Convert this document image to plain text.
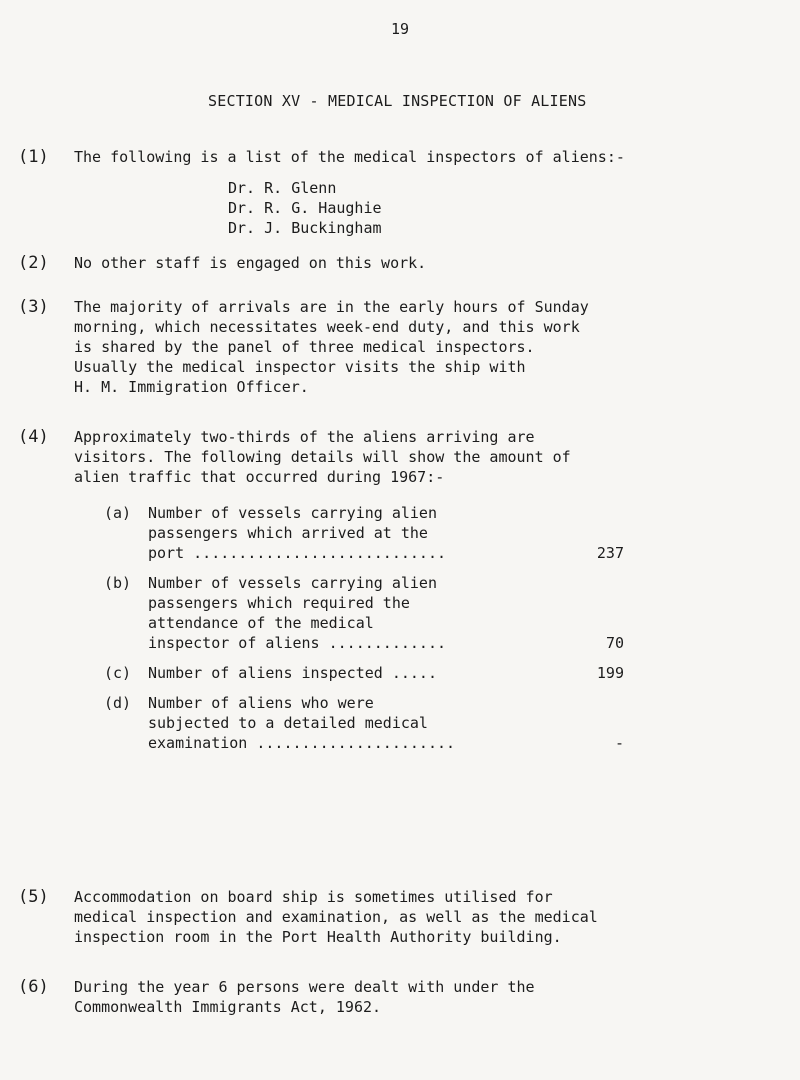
19
SECTION XV - MEDICAL INSPECTION OF ALIENS
(1)	The following is a list of the medical inspectors of aliens:-
Dr. R. Glenn
Dr. R. G. Haughie
Dr. J. Buckingham
(2)	No other staff is engaged on this work.
(3)	The majority of arrivals are in the early hours of Sunday
morning, which necessitates week-end duty, and this work
is shared by the panel of three medical inspectors.
Usually the medical inspector visits the ship with
H. M. Immigration Officer.
(4)	Approximately two-thirds of the aliens arriving are
visitors. The following details will show the amount of
alien traffic that occurred during 1967:-
(a)	Number of vessels carrying alien
passengers which arrived at the
port ............................	237
(b)	Number of vessels carrying alien
passengers which required the
attendance of the medical
inspector of aliens .............	70
(c)	Number of aliens inspected .....	199
(d)	Number of aliens who were
subjected to a detailed medical
examination ......................	-
(5)	Accommodation on board ship is sometimes utilised for
medical inspection and examination, as well as the medical
inspection room in the Port Health Authority building.
(6)	During the year 6 persons were dealt with under the
Commonwealth Immigrants Act, 1962.
